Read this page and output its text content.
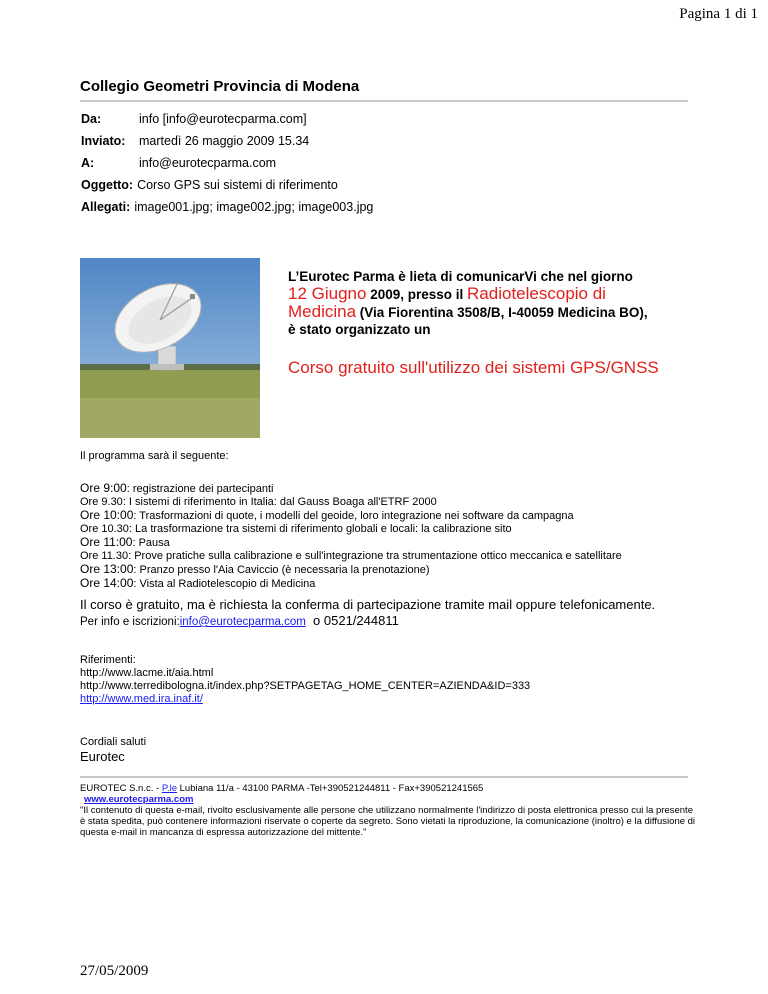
Pagina 1 di 1
Collegio Geometri Provincia di Modena
Da:	info [info@eurotecparma.com]
Inviato: martedì 26 maggio 2009 15.34
A:	info@eurotecparma.com
Oggetto: Corso GPS sui sistemi di riferimento
Allegati: image001.jpg; image002.jpg; image003.jpg
L’Eurotec Parma è lieta di comunicarVi che nel giorno
12 Giugno 2009, presso il Radiotelescopio di
Medicina (Via Fiorentina 3508/B, I-40059 Medicina BO),
è stato organizzato un
Corso gratuito sull'utilizzo dei sistemi GPS/GNSS
Il programma sarà il seguente:
Ore 9:00: registrazione dei partecipanti
Ore 9.30: I sistemi di riferimento in Italia: dal Gauss Boaga all'ETRF 2000
Ore 10:00: Trasformazioni di quote, i modelli del geoide, loro integrazione nei software da campagna
Ore 10.30: La trasformazione tra sistemi di riferimento globali e locali: la calibrazione sito
Ore 11:00: Pausa
Ore 11.30: Prove pratiche sulla calibrazione e sull'integrazione tra strumentazione ottico meccanica e satellitare
Ore 13:00: Pranzo presso l'Aia Caviccio (è necessaria la prenotazione)
Ore 14:00: Vista al Radiotelescopio di Medicina
Il corso è gratuito, ma è richiesta la conferma di partecipazione tramite mail oppure telefonicamente.
Per info e iscrizioni:info@eurotecparma.com o 0521/244811
Riferimenti:
http://www.lacme.it/aia.html
http://www.terredibologna.it/index.php?SETPAGETAG_HOME_CENTER=AZIENDA&ID=333
http://www.med.ira.inaf.it/
Cordiali saluti
Eurotec
EUROTEC S.n.c. - P.le Lubiana 11/a - 43100 PARMA -Tel+390521244811 - Fax+390521241565
www.eurotecparma.com
"Il contenuto di questa e-mail, rivolto esclusivamente alle persone che utilizzano normalmente l'indirizzo di posta elettronica presso cui la presente è stata spedita, può contenere informazioni riservate o coperte da segreto. Sono vietati la riproduzione, la comunicazione (inoltro) e la diffusione di questa e-mail in mancanza di espressa autorizzazione del mittente."
27/05/2009
